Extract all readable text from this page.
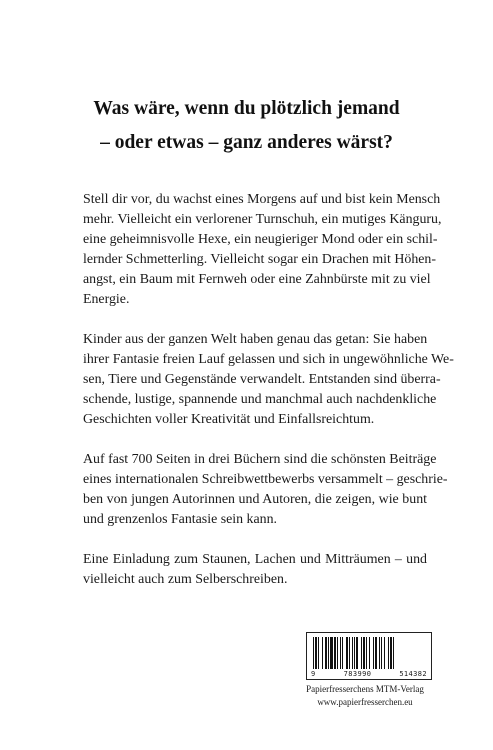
Was wäre, wenn du plötzlich jemand
– oder etwas – ganz anderes wärst?

Stell dir vor, du wachst eines Morgens auf und bist kein Mensch
mehr. Vielleicht ein verlorener Turnschuh, ein mutiges Känguru,
eine geheimnisvolle Hexe, ein neugieriger Mond oder ein schil-
lernder Schmetterling. Vielleicht sogar ein Drachen mit Höhen-
angst, ein Baum mit Fernweh oder eine Zahnbürste mit zu viel
Energie.

Kinder aus der ganzen Welt haben genau das getan: Sie haben
ihrer Fantasie freien Lauf gelassen und sich in ungewöhnliche We-
sen, Tiere und Gegenstände verwandelt. Entstanden sind überra-
schende, lustige, spannende und manchmal auch nachdenkliche
Geschichten voller Kreativität und Einfallsreichtum.

Auf fast 700 Seiten in drei Büchern sind die schönsten Beiträge
eines internationalen Schreibwettbewerbs versammelt – geschrie-
ben von jungen Autorinnen und Autoren, die zeigen, wie bunt
und grenzenlos Fantasie sein kann.

Eine Einladung zum Staunen, Lachen und Mitträumen – und
vielleicht auch zum Selberschreiben.

9	783990	514382
Papierfresserchens MTM-Verlag
www.papierfresserchen.eu
